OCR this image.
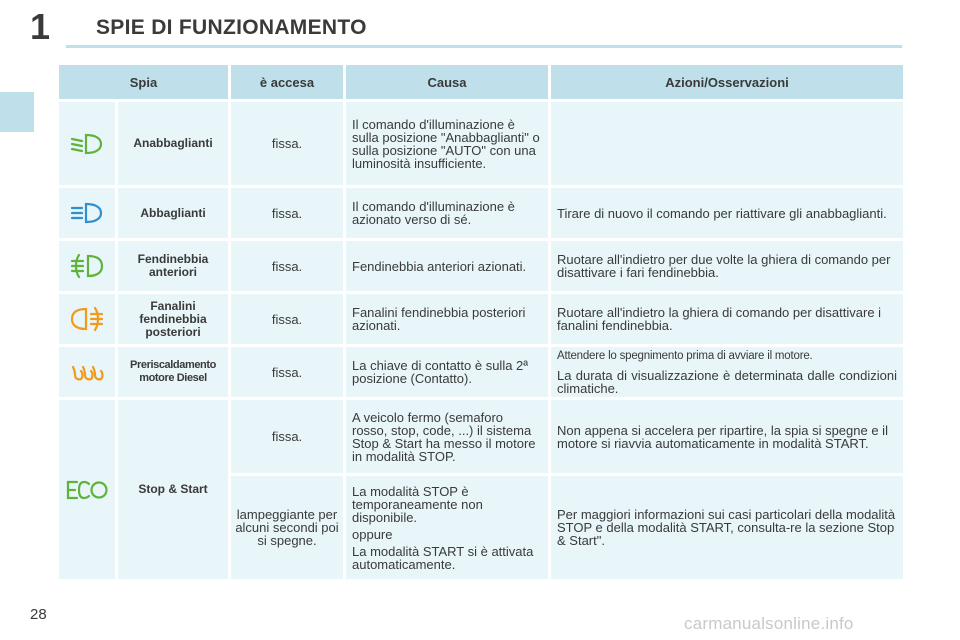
1 SPIE DI FUNZIONAMENTO
Spia		è accesa	Causa	Azioni/Osservazioni
	Anabbaglianti	fissa.	Il comando d'illuminazione è sulla posizione "Anabbaglianti" o sulla posizione "AUTO" con una luminosità insufficiente.	
	Abbaglianti	fissa.	Il comando d'illuminazione è azionato verso di sé.	Tirare di nuovo il comando per riattivare gli anabbaglianti.
	Fendinebbia anteriori	fissa.	Fendinebbia anteriori azionati.	Ruotare all'indietro per due volte la ghiera di comando per disattivare i fari fendinebbia.
	Fanalini fendinebbia posteriori	fissa.	Fanalini fendinebbia posteriori azionati.	Ruotare all'indietro la ghiera di comando per disattivare i fanalini fendinebbia.
	Preriscaldamento motore Diesel	fissa.	La chiave di contatto è sulla 2ª posizione (Contatto).	Attendere lo spegnimento prima di avviare il motore.
La durata di visualizzazione è determinata dalle condizioni climatiche.
	Stop & Start	fissa.	A veicolo fermo (semaforo rosso, stop, code, ...) il sistema Stop & Start ha messo il motore in modalità STOP.	Non appena si accelera per ripartire, la spia si spegne e il motore si riavvia automaticamente in modalità START.
		lampeggiante per alcuni secondi poi si spegne.	La modalità STOP è temporaneamente non disponibile.
oppure
La modalità START si è attivata automaticamente.	Per maggiori informazioni sui casi particolari della modalità STOP e della modalità START, consulta-re la sezione Stop & Start".
28	carmanualsonline.info
